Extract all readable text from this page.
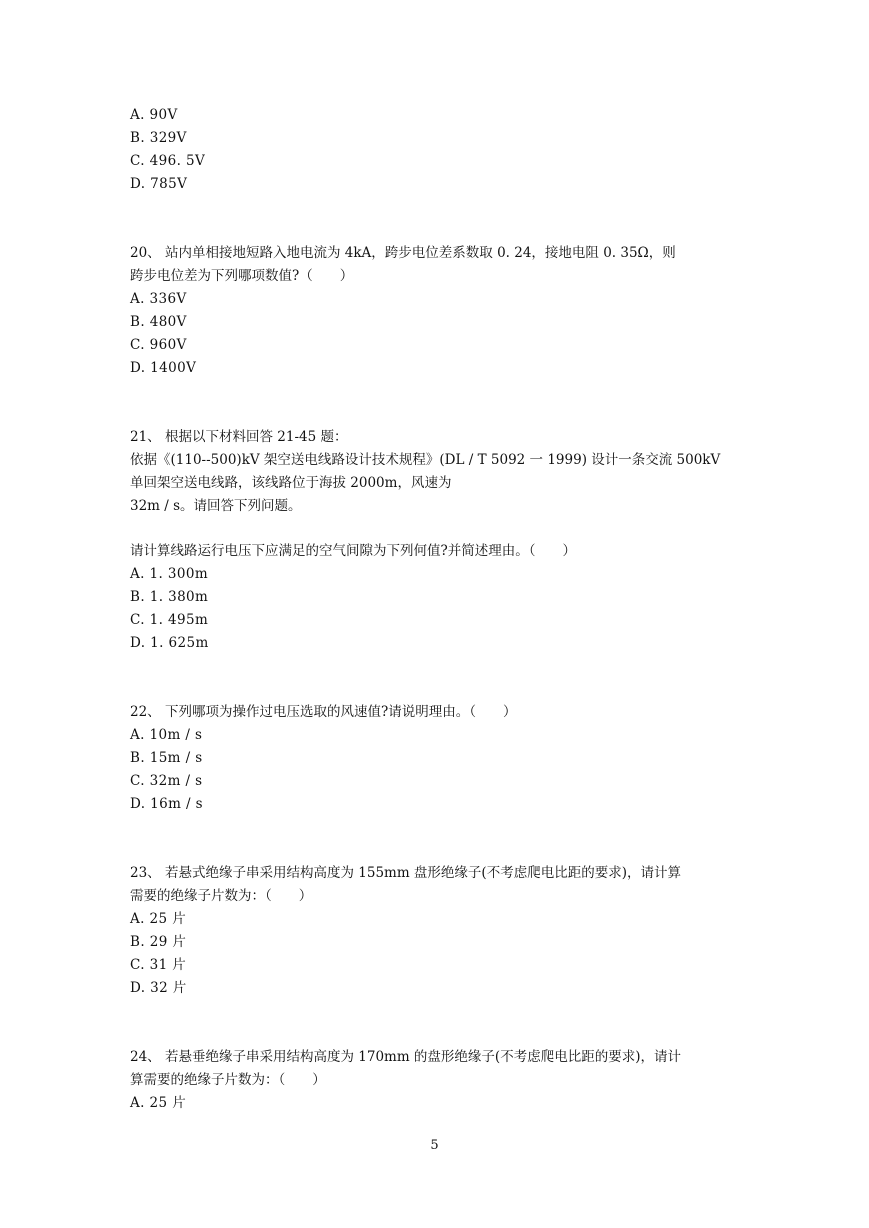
A. 90V
B. 329V
C. 496. 5V
D. 785V
20、 站内单相接地短路入地电流为 4kA，跨步电位差系数取 0. 24，接地电阻 0. 35Ω，则
跨步电位差为下列哪项数值?（　　）
A. 336V
B. 480V
C. 960V
D. 1400V
21、 根据以下材料回答 21-45 题：
依据《(110--500)kV 架空送电线路设计技术规程》(DL / T 5092 一 1999) 设计一条交流 500kV
单回架空送电线路，该线路位于海拔 2000m，风速为
32m / s。请回答下列问题。
请计算线路运行电压下应满足的空气间隙为下列何值?并简述理由。（　　）
A. 1. 300m
B. 1. 380m
C. 1. 495m
D. 1. 625m
22、 下列哪项为操作过电压选取的风速值?请说明理由。（　　）
A. 10m / s
B. 15m / s
C. 32m / s
D. 16m / s
23、 若悬式绝缘子串采用结构高度为 155mm 盘形绝缘子(不考虑爬电比距的要求)，请计算
需要的绝缘子片数为：（　　）
A. 25 片
B. 29 片
C. 31 片
D. 32 片
24、 若悬垂绝缘子串采用结构高度为 170mm 的盘形绝缘子(不考虑爬电比距的要求)，请计
算需要的绝缘子片数为：（　　）
A. 25 片
5
